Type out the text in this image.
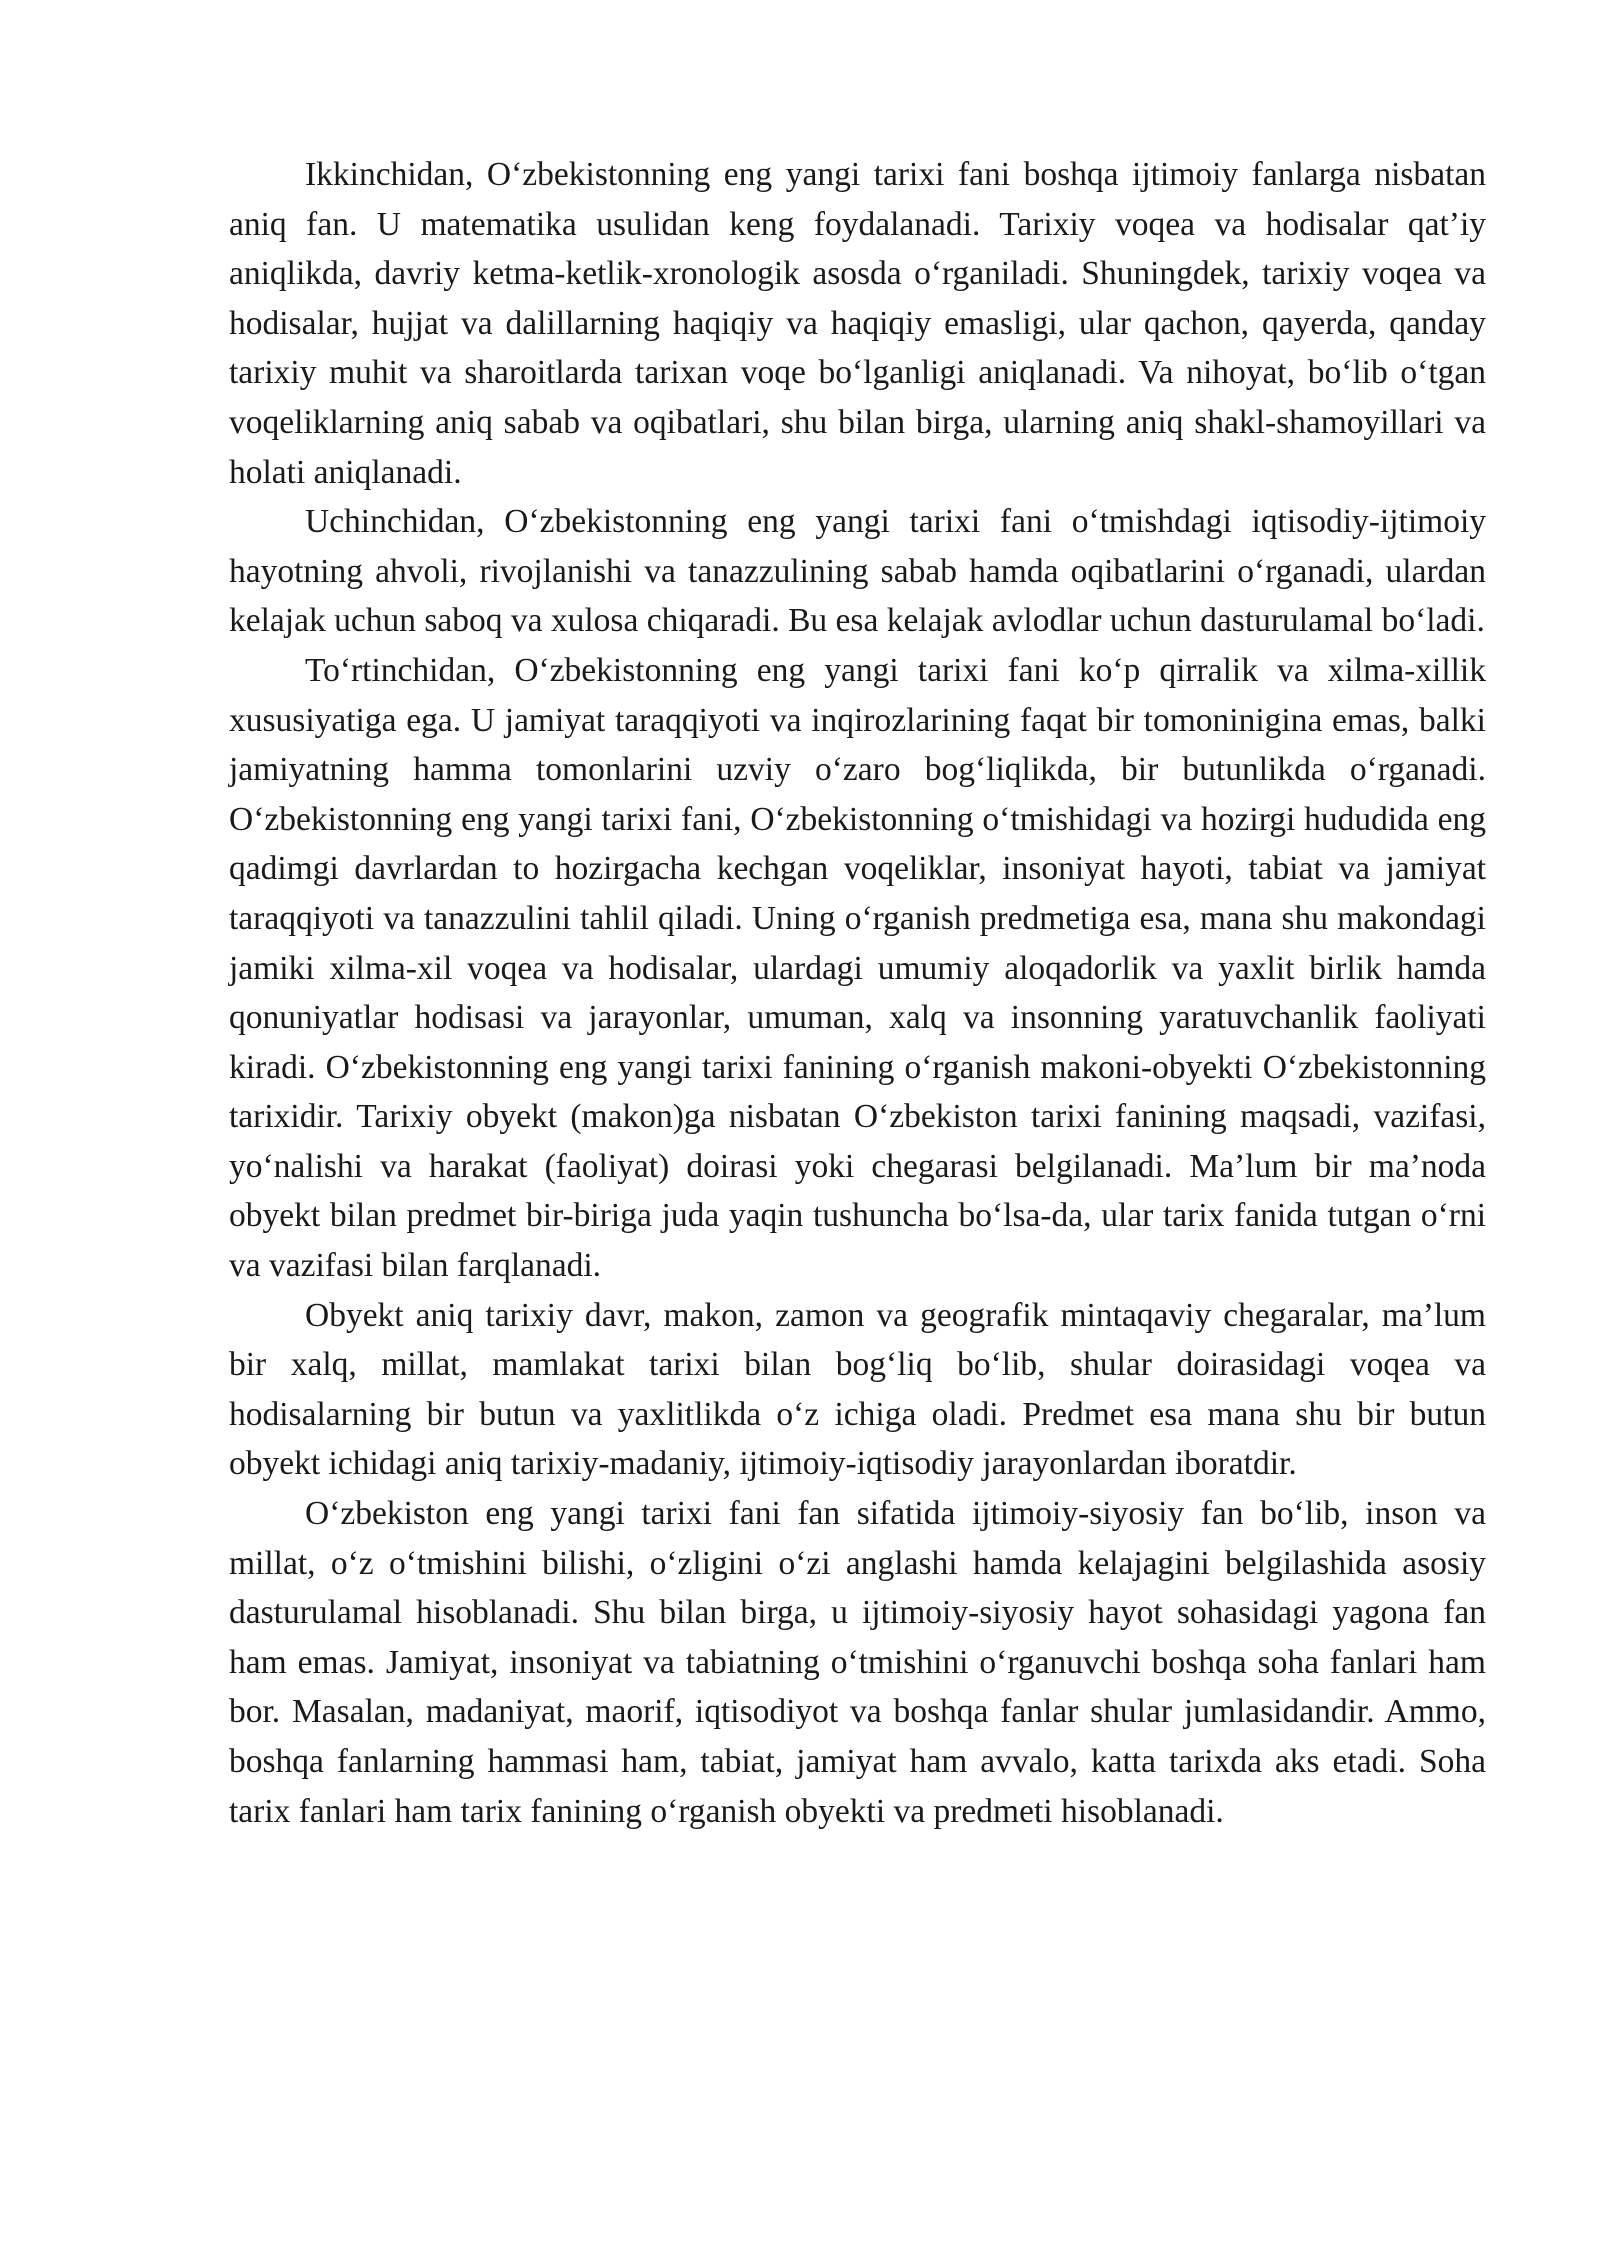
Ikkinchidan, O‘zbekistonning eng yangi tarixi fani boshqa ijtimoiy fanlarga nisbatan aniq fan. U matematika usulidan keng foydalanadi. Tarixiy voqea va hodisalar qat’iy aniqlikda, davriy ketma-ketlik-xronologik asosda o‘rganiladi. Shuningdek, tarixiy voqea va hodisalar, hujjat va dalillarning haqiqiy va haqiqiy emasligi, ular qachon, qayerda, qanday tarixiy muhit va sharoitlarda tarixan voqe bo‘lganligi aniqlanadi. Va nihoyat, bo‘lib o‘tgan voqeliklarning aniq sabab va oqibatlari, shu bilan birga, ularning aniq shakl-shamoyillari va holati aniqlanadi.

Uchinchidan, O‘zbekistonning eng yangi tarixi fani o‘tmishdagi iqtisodiy-ijtimoiy hayotning ahvoli, rivojlanishi va tanazzulining sabab hamda oqibatlarini o‘rganadi, ulardan kelajak uchun saboq va xulosa chiqaradi. Bu esa kelajak avlodlar uchun dasturulamal bo‘ladi.

To‘rtinchidan, O‘zbekistonning eng yangi tarixi fani ko‘p qirralik va xilma-xillik xususiyatiga ega. U jamiyat taraqqiyoti va inqirozlarining faqat bir tomoninigina emas, balki jamiyatning hamma tomonlarini uzviy o‘zaro bog‘liqlikda, bir butunlikda o‘rganadi. O‘zbekistonning eng yangi tarixi fani, O‘zbekistonning o‘tmishidagi va hozirgi hududida eng qadimgi davrlardan to hozirgacha kechgan voqeliklar, insoniyat hayoti, tabiat va jamiyat taraqqiyoti va tanazzulini tahlil qiladi. Uning o‘rganish predmetiga esa, mana shu makondagi jamiki xilma-xil voqea va hodisalar, ulardagi umumiy aloqadorlik va yaxlit birlik hamda qonuniyatlar hodisasi va jarayonlar, umuman, xalq va insonning yaratuvchanlik faoliyati kiradi. O‘zbekistonning eng yangi tarixi fanining o‘rganish makoni-obyekti O‘zbekistonning tarixidir. Tarixiy obyekt (makon)ga nisbatan O‘zbekiston tarixi fanining maqsadi, vazifasi, yo‘nalishi va harakat (faoliyat) doirasi yoki chegarasi belgilanadi. Ma’lum bir ma’noda obyekt bilan predmet bir-biriga juda yaqin tushuncha bo‘lsa-da, ular tarix fanida tutgan o‘rni va vazifasi bilan farqlanadi.

Obyekt aniq tarixiy davr, makon, zamon va geografik mintaqaviy chegaralar, ma’lum bir xalq, millat, mamlakat tarixi bilan bog‘liq bo‘lib, shular doirasidagi voqea va hodisalarning bir butun va yaxlitlikda o‘z ichiga oladi. Predmet esa mana shu bir butun obyekt ichidagi aniq tarixiy-madaniy, ijtimoiy-iqtisodiy jarayonlardan iboratdir.

O‘zbekiston eng yangi tarixi fani fan sifatida ijtimoiy-siyosiy fan bo‘lib, inson va millat, o‘z o‘tmishini bilishi, o‘zligini o‘zi anglashi hamda kelajagini belgilashida asosiy dasturulamal hisoblanadi. Shu bilan birga, u ijtimoiy-siyosiy hayot sohasidagi yagona fan ham emas. Jamiyat, insoniyat va tabiatning o‘tmishini o‘rganuvchi boshqa soha fanlari ham bor. Masalan, madaniyat, maorif, iqtisodiyot va boshqa fanlar shular jumlasidandir. Ammo, boshqa fanlarning hammasi ham, tabiat, jamiyat ham avvalo, katta tarixda aks etadi. Soha tarix fanlari ham tarix fanining o‘rganish obyekti va predmeti hisoblanadi.
